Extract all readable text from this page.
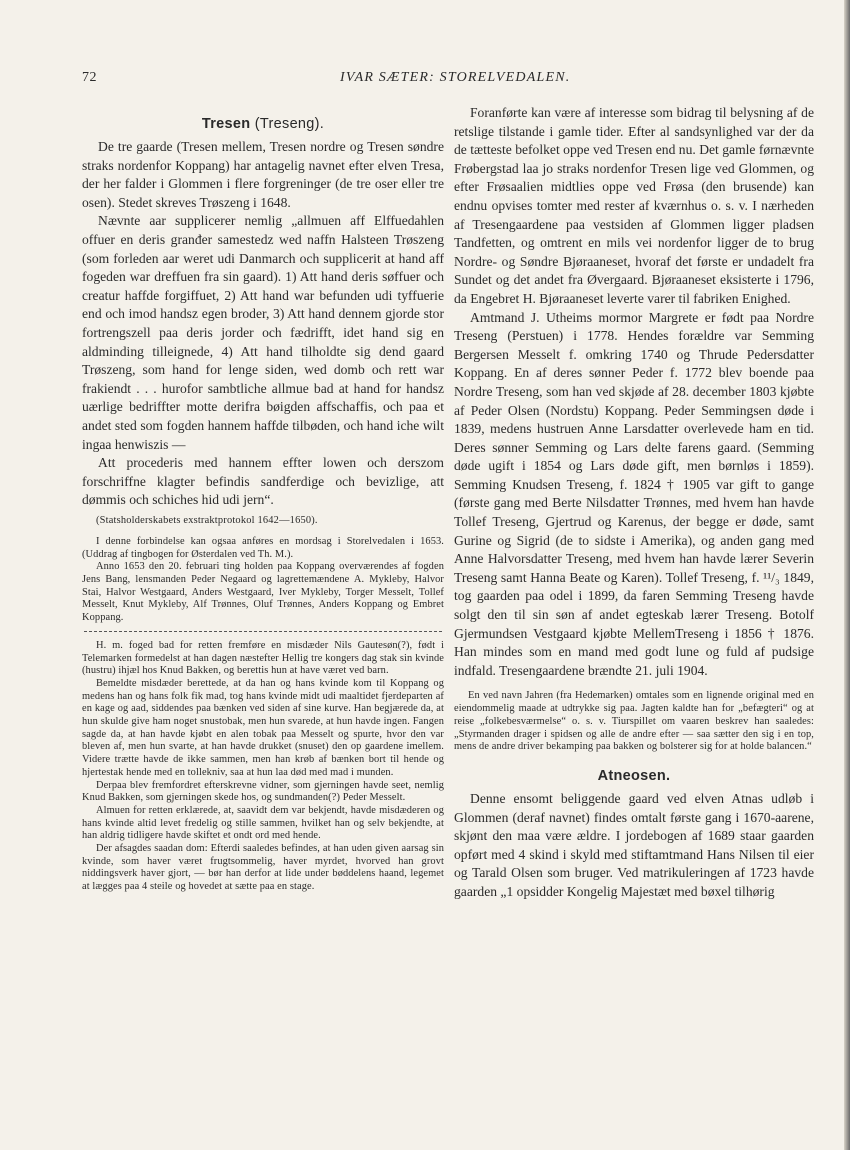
72	IVAR SÆTER: STORELVEDALEN.
Tresen (Treseng).

De tre gaarde (Tresen mellem, Tresen nordre og Tresen søndre straks nordenfor Koppang) har antagelig navnet efter elven Tresa, der her falder i Glommen i flere forgreninger (de tre oser eller tre osen). Stedet skreves Trøszeng i 1648.

Nævnte aar supplicerer nemlig „allmuen aff Elffuedahlen offuer en deris granđer samestedz wed naffn Halsteen Trøszeng (som forleden aar weret udi Danmarch och supplicerit at hand aff fogeden war dreffuen fra sin gaard). 1) Att hand deris søffuer och creatur haffde forgiffuet, 2) Att hand war befunden udi tyffuerie end och imod handsz egen broder, 3) Att hand dennem gjorde stor fortrengszell paa deris jorder och fædrifft, idet hand sig en aldminding tilleignede, 4) Att hand tilholdte sig dend gaard Trøszeng, som hand for lenge siden, wed domb och rett war frakiendt . . . hurofor sambtliche allmue bad at hand for handsz uærlige bedriffter motte derifra bøigden affschaffis, och paa et andet sted som fogden hannem haffde tilbøden, och hand iche wilt ingaa henwiszis —

Att procederis med hannem effter lowen och derszom forschriffne klagter befindis sandferdige och bevizlige, att dømmis och schiches hid udi jern“.

(Statsholderskabets exstraktprotokol 1642—1650).

I denne forbindelse kan ogsaa anføres en mordsag i Storelvedalen i 1653. (Uddrag af tingbogen for Østerdalen ved Th. M.).

Anno 1653 den 20. februari ting holden paa Koppang overværendes af fogden Jens Bang, lensmanden Peder Negaard og lagrettemændene A. Mykleby, Halvor Stai, Halvor Westgaard, Anders Westgaard, Iver Mykleby, Torger Messelt, Tollef Messelt, Knut Mykleby, Alf Trønnes, Oluf Trønnes, Anders Koppang og Embret Koppang.

H. m. foged bad for retten fremføre en misdæder Nils Gautesøn(?), født i Telemarken formedelst at han dagen næstefter Hellig tre kongers dag stak sin kvinde (hustru) ihjæl hos Knud Bakken, og berettis hun at have været ved barn.

Bemeldte misdæder berettede, at da han og hans kvinde kom til Koppang og medens han og hans folk fik mad, tog hans kvinde midt udi maaltidet fjerdeparten af en kage og aad, siddendes paa bænken ved siden af sine kurve. Han begjærede da, at hun skulde give ham noget snustobak, men hun svarede, at hun havde ingen. Fangen sagde da, at han havde kjøbt en alen tobak paa Messelt og spurte, hvor den var bleven af, men hun svarte, at han havde drukket (snuset) den op gaardene imellem. Videre trætte havde de ikke sammen, men han krøb af bænken bort til hende og hjertestak hende med en tollekniv, saa at hun laa død med mad i munden.

Derpaa blev fremfordret efterskrevne vidner, som gjerningen havde seet, nemlig Knud Bakken, som gjerningen skede hos, og sundmanden(?) Peder Messelt.

Almuen for retten erklærede, at, saavidt dem var bekjendt, havde misdæderen og hans kvinde altid levet fredelig og stille sammen, hvilket han og selv bekjendte, at han aldrig tidligere havde skiftet et ondt ord med hende.

Der afsagdes saadan dom: Efterdi saaledes befindes, at han uden given aarsag sin kvinde, som haver været frugtsommelig, haver myrdet, hvorved han grovt niddingsverk haver gjort, — bør han derfor at lide under bøddelens haand, legemet at lægges paa 4 steile og hovedet at sætte paa en stage.

Foranførte kan være af interesse som bidrag til belysning af de retslige tilstande i gamle tider. Efter al sandsynlighed var der da de tætteste befolket oppe ved Tresen end nu. Det gamle førnævnte Frøbergstad laa jo straks nordenfor Tresen lige ved Glommen, og efter Frøsaalien midtlies oppe ved Frøsa (den brusende) kan endnu opvises tomter med rester af kværnhus o. s. v. I nærheden af Tresengaardene paa vestsiden af Glommen ligger pladsen Tandfetten, og omtrent en mils vei nordenfor ligger de to brug Nordre- og Søndre Bjøraaneset, hvoraf det første er undadelt fra Sundet og det andet fra Øvergaard. Bjøraaneset eksisterte i 1796, da Engebret H. Bjøraaneset leverte varer til fabriken Enighed.

Amtmand J. Utheims mormor Margrete er født paa Nordre Treseng (Perstuen) i 1778. Hendes forældre var Semming Bergersen Messelt f. omkring 1740 og Thrude Pedersdatter Koppang. En af deres sønner Peder f. 1772 blev boende paa Nordre Treseng, som han ved skjøde af 28. december 1803 kjøbte af Peder Olsen (Nordstu) Koppang. Peder Semmingsen døde i 1839, medens hustruen Anne Larsdatter overlevede ham en tid. Deres sønner Semming og Lars delte farens gaard. (Semming døde ugift i 1854 og Lars døde gift, men børnløs i 1859). Semming Knudsen Treseng, f. 1824 † 1905 var gift to gange (første gang med Berte Nilsdatter Trønnes, med hvem han havde Tollef Treseng, Gjertrud og Karenus, der begge er døde, samt Gurine og Sigrid (de to sidste i Amerika), og anden gang med Anne Halvorsdatter Treseng, med hvem han havde lærer Severin Treseng samt Hanna Beate og Karen). Tollef Treseng, f. ¹¹/₃ 1849, tog gaarden paa odel i 1899, da faren Semming Treseng havde solgt den til sin søn af andet egteskab lærer Treseng. Botolf Gjermundsen Vestgaard kjøbte MellemTreseng i 1856 † 1876. Han mindes som en mand med godt lune og fuld af pudsige indfald. Tresengaardene brændte 21. juli 1904.

En ved navn Jahren (fra Hedemarken) omtales som en lignende original med en eiendommelig maade at udtrykke sig paa. Jagten kaldte han for „befægteri“ og at reise „folkebesværmelse“ o. s. v. Tiurspillet om vaaren beskrev han saaledes: „Styrmanden drager i spidsen og alle de andre efter — saa sætter den sig i en top, mens de andre driver bekamping paa bakken og bolsterer sig for at holde balancen.“

Atneosen.

Denne ensomt beliggende gaard ved elven Atnas udløb i Glommen (deraf navnet) findes omtalt første gang i 1670-aarene, skjønt den maa være ældre. I jordebogen af 1689 staar gaarden opført med 4 skind i skyld med stiftamtmand Hans Nilsen til eier og Tarald Olsen som bruger. Ved matrikuleringen af 1723 havde gaarden „1 opsidder Kongelig Majestæt med bøxel tilhørig
